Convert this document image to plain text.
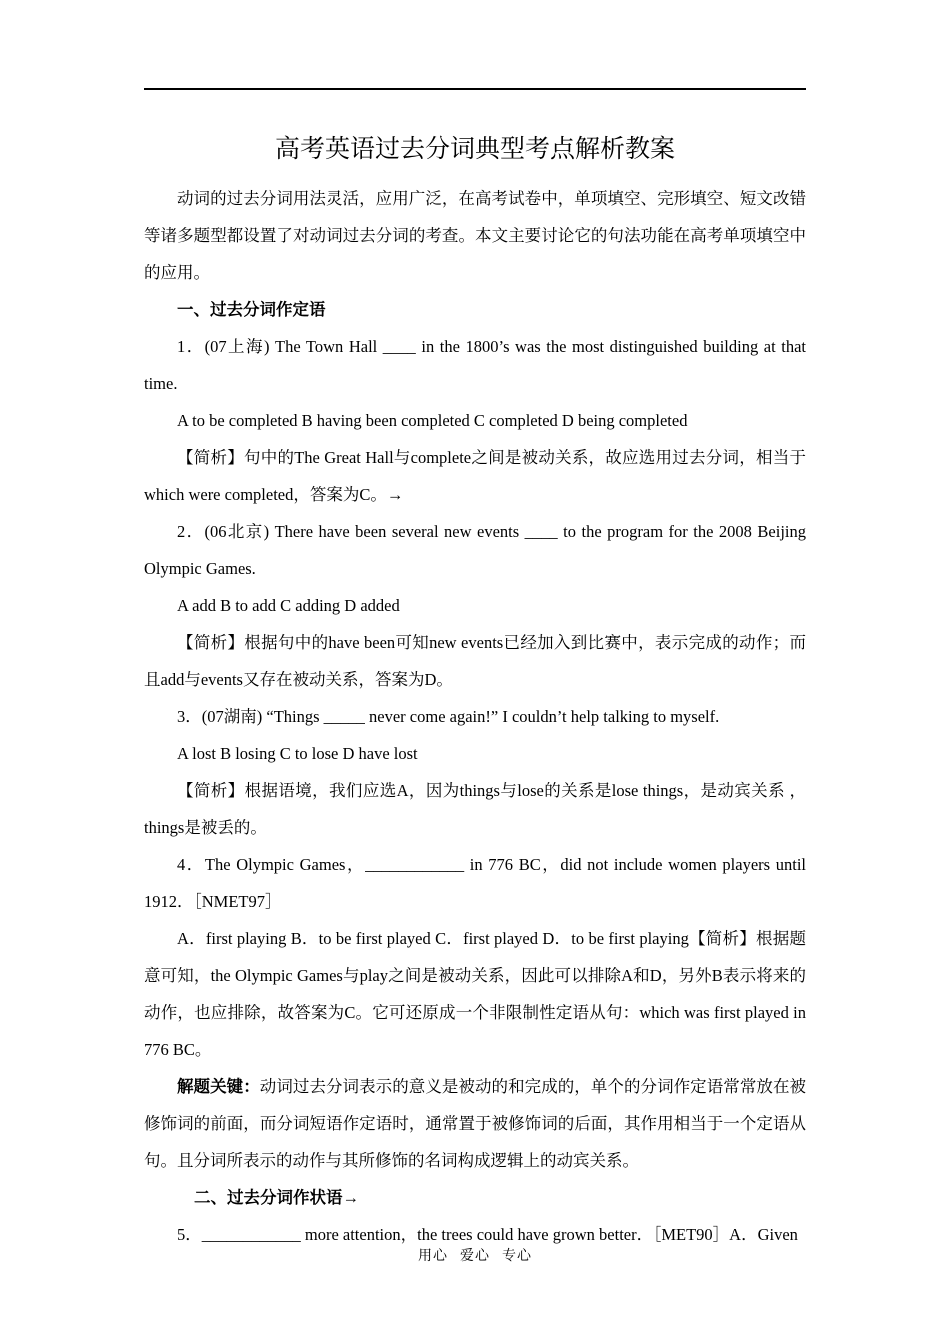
高考英语过去分词典型考点解析教案

动词的过去分词用法灵活，应用广泛，在高考试卷中，单项填空、完形填空、短文改错等诸多题型都设置了对动词过去分词的考查。本文主要讨论它的句法功能在高考单项填空中的应用。

一、过去分词作定语

1．(07上海) The Town Hall ____ in the 1800’s was the most distinguished building at that time.

A to be completed B having been completed C completed D being completed

【简析】句中的The Great Hall与complete之间是被动关系，故应选用过去分词，相当于which were completed，答案为C。→

2．(06北京) There have been several new events ____ to the program for the 2008 Beijing Olympic Games.

A add B to add C adding D added

【简析】根据句中的have been可知new events已经加入到比赛中，表示完成的动作；而且add与events又存在被动关系，答案为D。

3．(07湖南) “Things _____ never come again!” I couldn’t help talking to myself.

A lost B losing C to lose D have lost

【简析】根据语境，我们应选A，因为things与lose的关系是lose things，是动宾关系 ，things是被丢的。

4．The Olympic Games，____________ in 776 BC，did not include women players until 1912．［NMET97］

A．first playing B．to be first played C．first played D．to be first playing【简析】根据题意可知，the Olympic Games与play之间是被动关系，因此可以排除A和D，另外B表示将来的动作，也应排除，故答案为C。它可还原成一个非限制性定语从句：which was first played in 776 BC。

解题关键：动词过去分词表示的意义是被动的和完成的，单个的分词作定语常常放在被修饰词的前面，而分词短语作定语时，通常置于被修饰词的后面，其作用相当于一个定语从句。且分词所表示的动作与其所修饰的名词构成逻辑上的动宾关系。

二、过去分词作状语→

5．____________ more attention，the trees could have grown better．［MET90］A．Given

用心 爱心 专心
